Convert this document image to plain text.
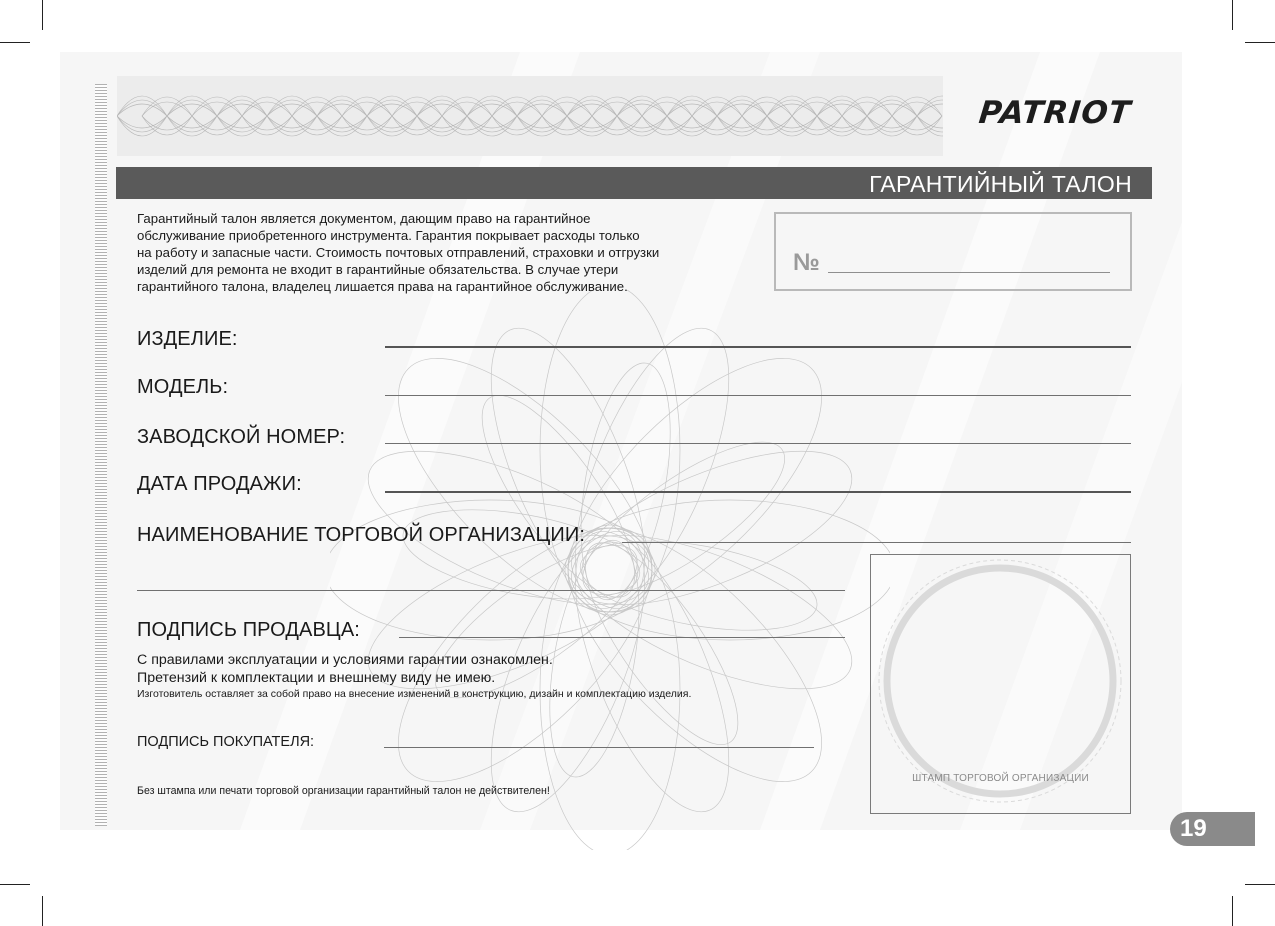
PATRIOT
ГАРАНТИЙНЫЙ ТАЛОН

Гарантийный талон является документом, дающим право на гарантийное
обслуживание приобретенного инструмента. Гарантия покрывает расходы только
на работу и запасные части. Стоимость почтовых отправлений, страховки и отгрузки
изделий для ремонта не входит в гарантийные обязательства. В случае утери
гарантийного талона, владелец лишается права на гарантийное обслуживание.

№
ИЗДЕЛИЕ:
МОДЕЛЬ:
ЗАВОДСКОЙ НОМЕР:
ДАТА ПРОДАЖИ:
НАИМЕНОВАНИЕ ТОРГОВОЙ ОРГАНИЗАЦИИ:
ПОДПИСЬ ПРОДАВЦА:
С правилами эксплуатации и условиями гарантии ознакомлен.
Претензий к комплектации и внешнему виду не имею.
Изготовитель оставляет за собой право на внесение изменений в конструкцию, дизайн и комплектацию изделия.
ПОДПИСЬ ПОКУПАТЕЛЯ:
Без штампа или печати торговой организации гарантийный талон не действителен!
ШТАМП ТОРГОВОЙ ОРГАНИЗАЦИИ
19
